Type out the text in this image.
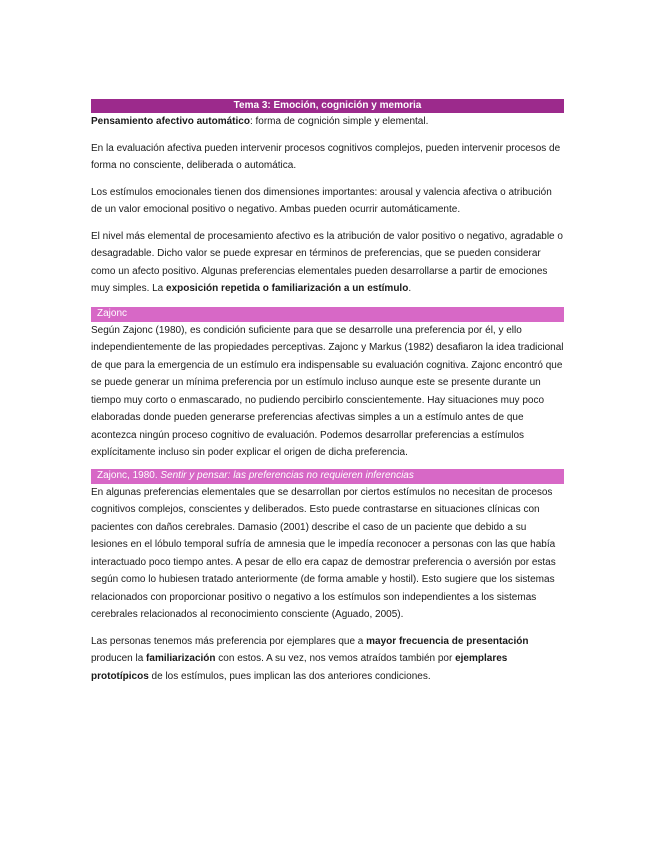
Tema 3: Emoción, cognición y memoria

Pensamiento afectivo automático: forma de cognición simple y elemental.

En la evaluación afectiva pueden intervenir procesos cognitivos complejos, pueden intervenir procesos de forma no consciente, deliberada o automática.

Los estímulos emocionales tienen dos dimensiones importantes: arousal y valencia afectiva o atribución de un valor emocional positivo o negativo. Ambas pueden ocurrir automáticamente.

El nivel más elemental de procesamiento afectivo es la atribución de valor positivo o negativo, agradable o desagradable. Dicho valor se puede expresar en términos de preferencias, que se pueden considerar como un afecto positivo. Algunas preferencias elementales pueden desarrollarse a partir de emociones muy simples. La exposición repetida o familiarización a un estímulo.

Zajonc

Según Zajonc (1980), es condición suficiente para que se desarrolle una preferencia por él, y ello independientemente de las propiedades perceptivas. Zajonc y Markus (1982) desafiaron la idea tradicional de que para la emergencia de un estímulo era indispensable su evaluación cognitiva. Zajonc encontró que se puede generar un mínima preferencia por un estímulo incluso aunque este se presente durante un tiempo muy corto o enmascarado, no pudiendo percibirlo conscientemente. Hay situaciones muy poco elaboradas donde pueden generarse preferencias afectivas simples a un a estímulo antes de que acontezca ningún proceso cognitivo de evaluación. Podemos desarrollar preferencias a estímulos explícitamente incluso sin poder explicar el origen de dicha preferencia.

Zajonc, 1980. Sentir y pensar: las preferencias no requieren inferencias

En algunas preferencias elementales que se desarrollan por ciertos estímulos no necesitan de procesos cognitivos complejos, conscientes y deliberados. Esto puede contrastarse en situaciones clínicas con pacientes con daños cerebrales. Damasio (2001) describe el caso de un paciente que debido a su lesiones en el lóbulo temporal sufría de amnesia que le impedía reconocer a personas con las que había interactuado poco tiempo antes. A pesar de ello era capaz de demostrar preferencia o aversión por estas según como lo hubiesen tratado anteriormente (de forma amable y hostil). Esto sugiere que los sistemas relacionados con proporcionar positivo o negativo a los estímulos son independientes a los sistemas cerebrales relacionados al reconocimiento consciente (Aguado, 2005).

Las personas tenemos más preferencia por ejemplares que a mayor frecuencia de presentación producen la familiarización con estos. A su vez, nos vemos atraídos también por ejemplares prototípicos de los estímulos, pues implican las dos anteriores condiciones.
